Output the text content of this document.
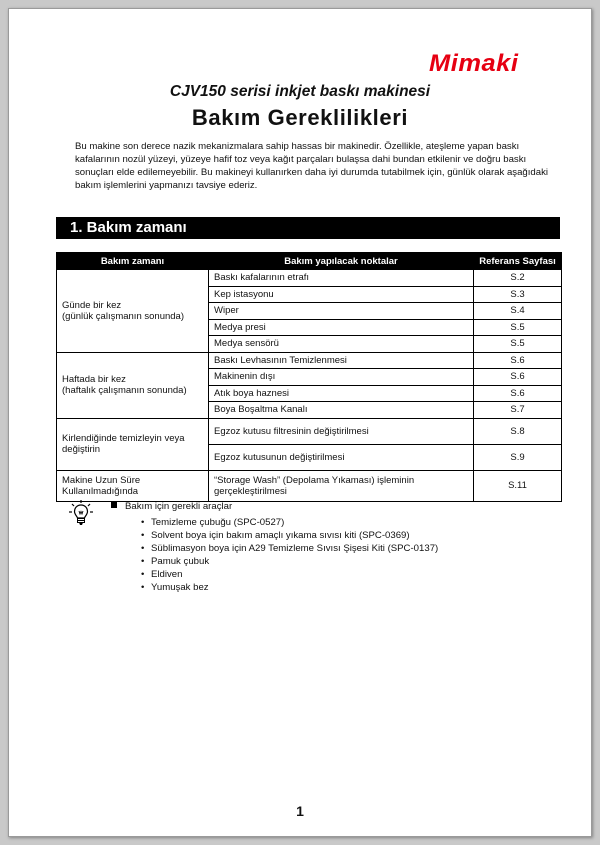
Mimaki
CJV150 serisi inkjet baskı makinesi
Bakım Gereklilikleri
Bu makine son derece nazik mekanizmalara sahip hassas bir makinedir. Özellikle, ateşleme yapan baskı kafalarının nozül yüzeyi, yüzeye hafif toz veya kağıt parçaları bulaşsa dahi bundan etkilenir ve doğru baskı sonuçları elde edilemeyebilir. Bu makineyi kullanırken daha iyi durumda tutabilmek için, günlük olarak aşağıdaki bakım işlemlerini yapmanızı tavsiye ederiz.
1. Bakım zamanı
Bakım zamanı	Bakım yapılacak noktalar	Referans Sayfası
Günde bir kez
(günlük çalışmanın sonunda)	Baskı kafalarının etrafı	S.2
	Kep istasyonu	S.3
	Wiper	S.4
	Medya presi	S.5
	Medya sensörü	S.5
Haftada bir kez
(haftalık çalışmanın sonunda)	Baskı Levhasının Temizlenmesi	S.6
	Makinenin dışı	S.6
	Atık boya haznesi	S.6
	Boya Boşaltma Kanalı	S.7
Kirlendiğinde temizleyin veya
değiştirin	Egzoz kutusu filtresinin değiştirilmesi	S.8
	Egzoz kutusunun değiştirilmesi	S.9
Makine Uzun Süre
Kullanılmadığında	“Storage Wash” (Depolama Yıkaması) işleminin
gerçekleştirilmesi	S.11
Bakım için gerekli araçlar
• Temizleme çubuğu (SPC-0527)
• Solvent boya için bakım amaçlı yıkama sıvısı kiti (SPC-0369)
• Süblimasyon boya için A29 Temizleme Sıvısı Şişesi Kiti (SPC-0137)
• Pamuk çubuk
• Eldiven
• Yumuşak bez
1
